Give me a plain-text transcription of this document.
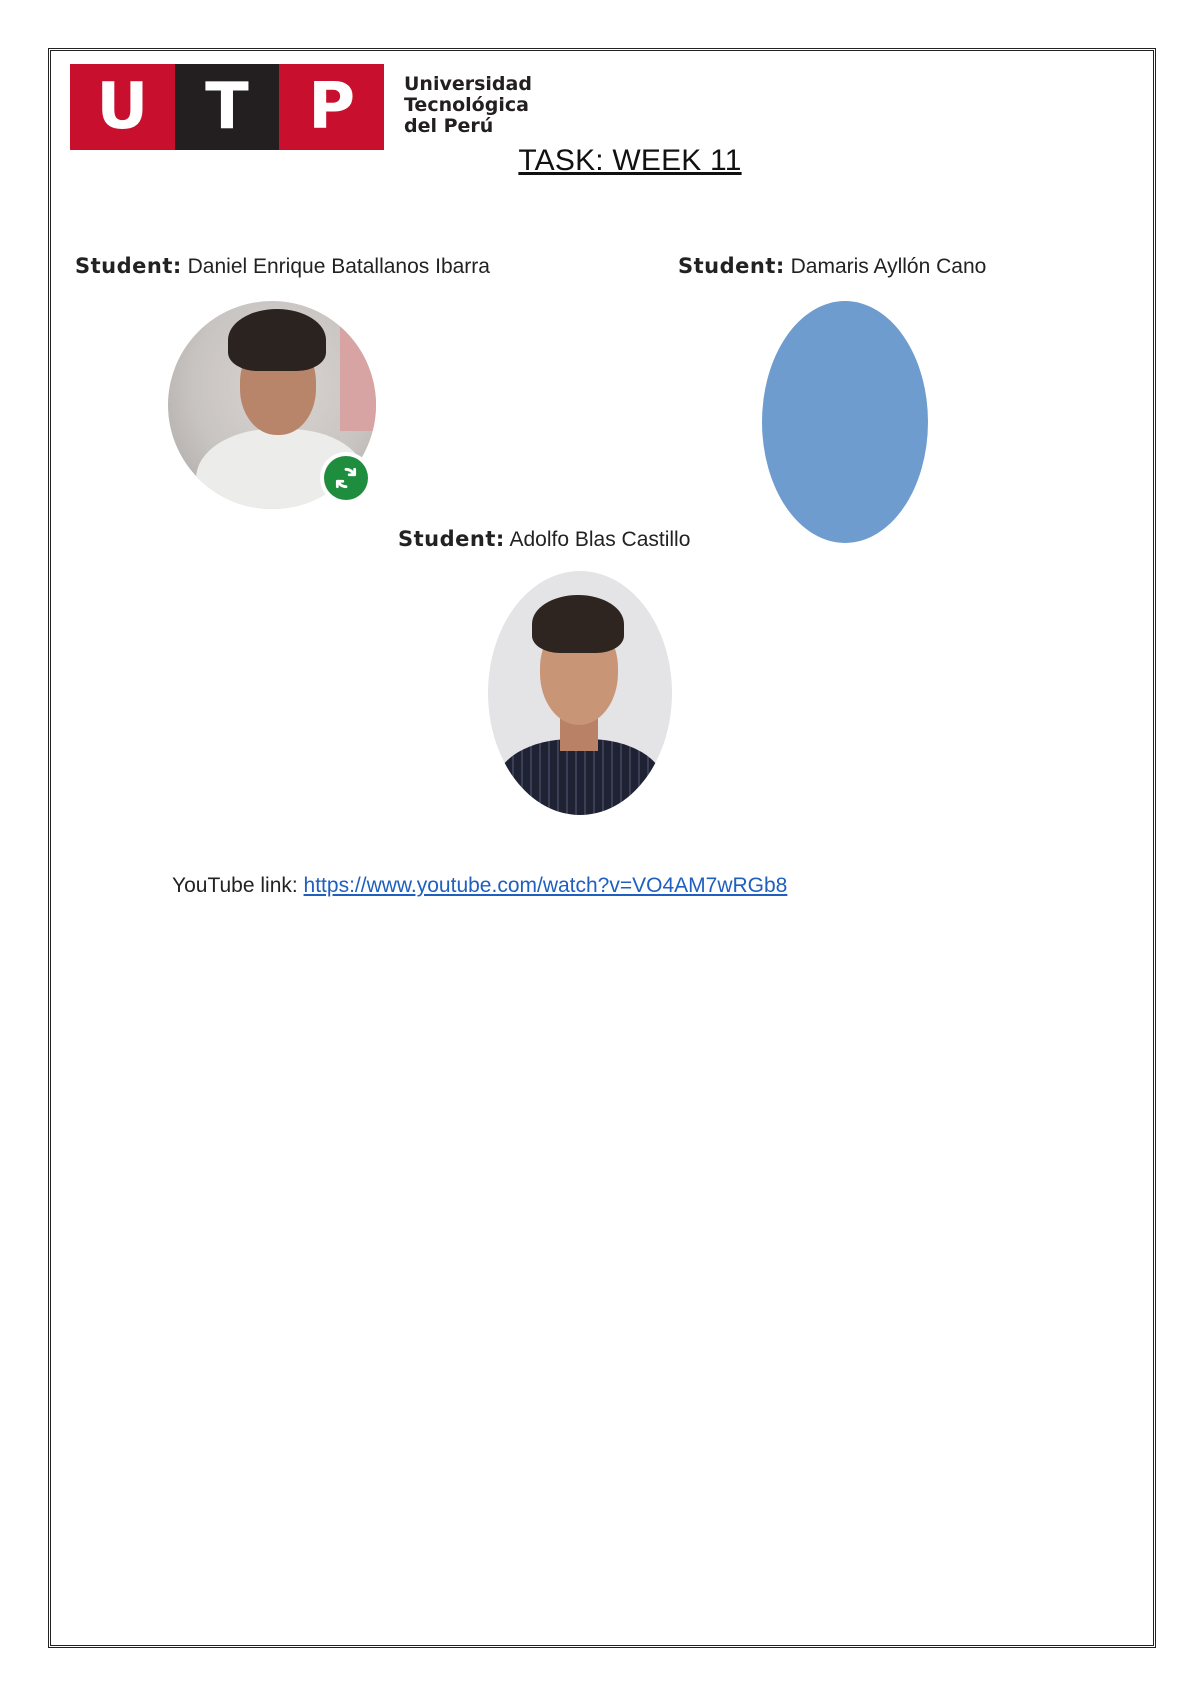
U T P	Universidad
Tecnológica
del Perú
TASK: WEEK 11
Student: Daniel Enrique Batallanos Ibarra	Student: Damaris Ayllón Cano
Student: Adolfo Blas Castillo
YouTube link: https://www.youtube.com/watch?v=VO4AM7wRGb8
